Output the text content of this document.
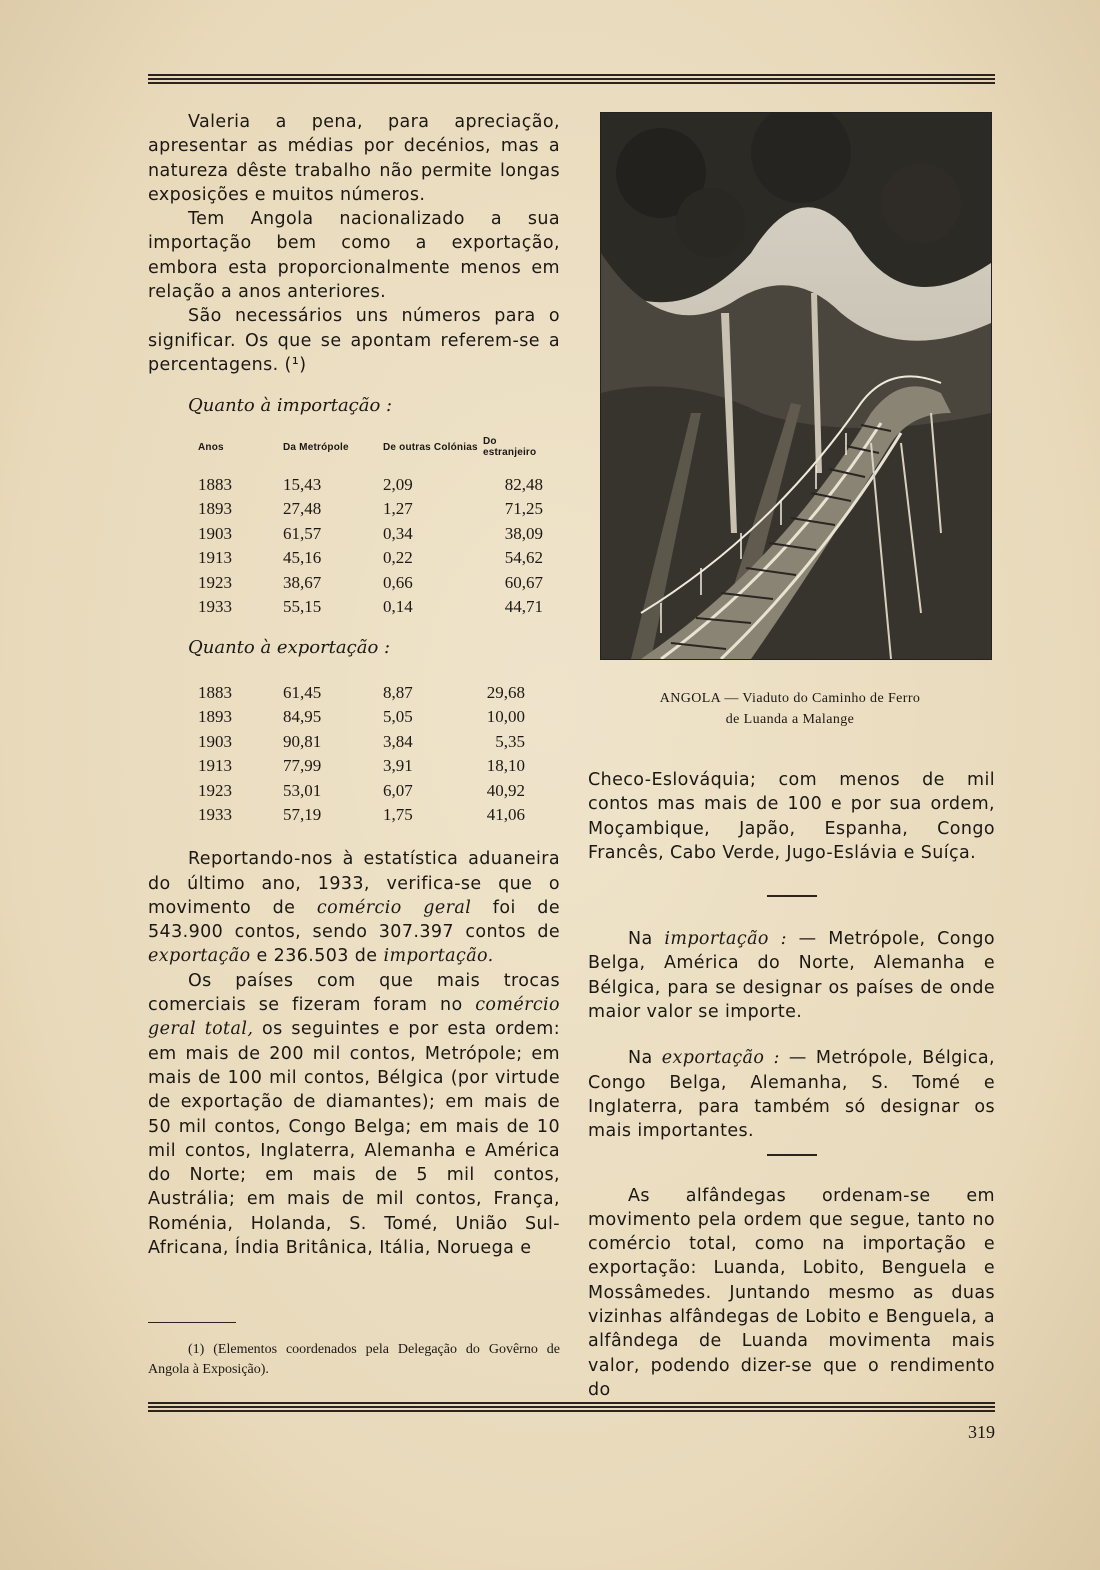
Valeria a pena, para apreciação, apresentar as médias por decénios, mas a natureza dêste trabalho não permite longas exposições e muitos números.

Tem Angola nacionalizado a sua importação bem como a exportação, embora esta proporcionalmente menos em relação a anos anteriores.

São necessários uns números para o significar. Os que se apontam referem-se a percentagens. (¹)

Quanto à importação :

Anos	Da Metrópole	De outras Colónias	Do estranjeiro
1883	15,43	2,09	82,48
1893	27,48	1,27	71,25
1903	61,57	0,34	38,09
1913	45,16	0,22	54,62
1923	38,67	0,66	60,67
1933	55,15	0,14	44,71

Quanto à exportação :

1883	61,45	8,87	29,68
1893	84,95	5,05	10,00
1903	90,81	3,84	5,35
1913	77,99	3,91	18,10
1923	53,01	6,07	40,92
1933	57,19	1,75	41,06

Reportando-nos à estatística aduaneira do último ano, 1933, verifica-se que o movimento de comércio geral foi de 543.900 contos, sendo 307.397 contos de exportação e 236.503 de importação.

Os países com que mais trocas comerciais se fizeram foram no comércio geral total, os seguintes e por esta ordem: em mais de 200 mil contos, Metrópole; em mais de 100 mil contos, Bélgica (por virtude de exportação de diamantes); em mais de 50 mil contos, Congo Belga; em mais de 10 mil contos, Inglaterra, Alemanha e América do Norte; em mais de 5 mil contos, Austrália; em mais de mil contos, França, Roménia, Holanda, S. Tomé, União Sul-Africana, Índia Britânica, Itália, Noruega e

(1) (Elementos coordenados pela Delegação do Govêrno de Angola à Exposição).
ANGOLA — Viaduto do Caminho de Ferro
de Luanda a Malange

Checo-Eslováquia; com menos de mil contos mas mais de 100 e por sua ordem, Moçambique, Japão, Espanha, Congo Francês, Cabo Verde, Jugo-Eslávia e Suíça.

Na importação : — Metrópole, Congo Belga, América do Norte, Alemanha e Bélgica, para se designar os países de onde maior valor se importe.

Na exportação : — Metrópole, Bélgica, Congo Belga, Alemanha, S. Tomé e Inglaterra, para também só designar os mais importantes.

As alfândegas ordenam-se em movimento pela ordem que segue, tanto no comércio total, como na importação e exportação: Luanda, Lobito, Benguela e Mossâmedes. Juntando mesmo as duas vizinhas alfândegas de Lobito e Benguela, a alfândega de Luanda movimenta mais valor, podendo dizer-se que o rendimento do

319
